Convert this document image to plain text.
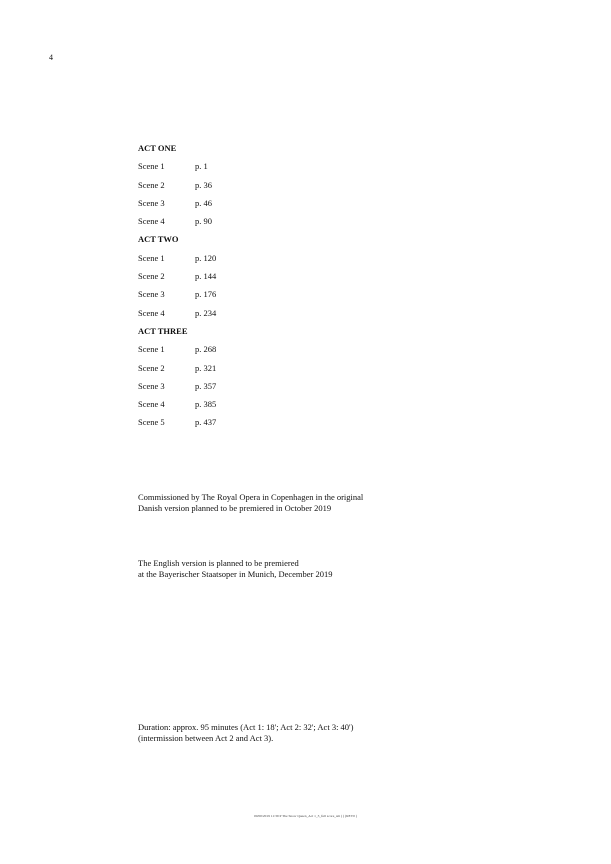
4
ACT ONE
Scene 1	p. 1
Scene 2	p. 36
Scene 3	p. 46
Scene 4	p. 90
ACT TWO
Scene 1	p. 120
Scene 2	p. 144
Scene 3	p. 176
Scene 4	p. 234
ACT THREE
Scene 1	p. 268
Scene 2	p. 321
Scene 3	p. 357
Scene 4	p. 385
Scene 5	p. 437
Commissioned by The Royal Opera in Copenhagen in the original
Danish version planned to be premiered in October 2019
The English version is planned to be premiered
at the Bayerischer Staatsoper in Munich, December 2019
Duration: approx. 95 minutes (Act 1: 18'; Act 2: 32'; Act 3: 40')
(intermission between Act 2 and Act 3).
00/00/2019 11:39 P The Snow Queen_Act 1_3_full score_sm ( ) (REV0 )
